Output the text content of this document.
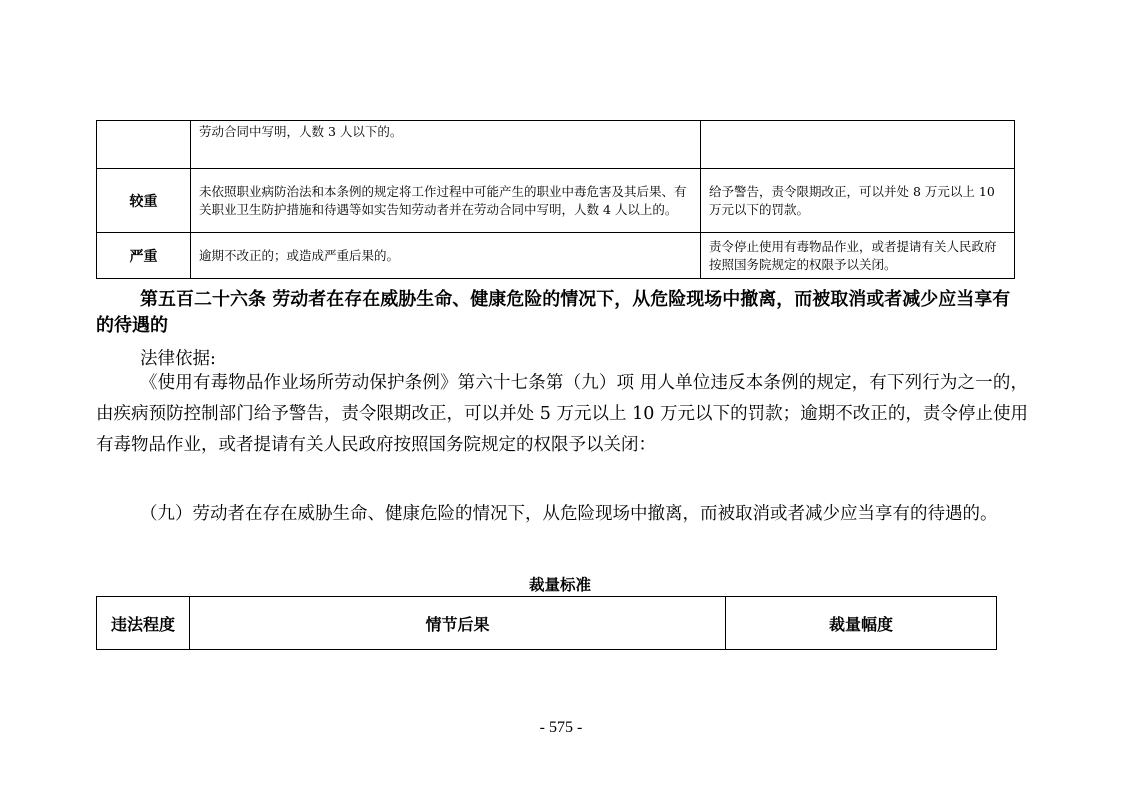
	劳动合同中写明，人数 3 人以下的。	
较重	未依照职业病防治法和本条例的规定将工作过程中可能产生的职业中毒危害及其后果、有关职业卫生防护措施和待遇等如实告知劳动者并在劳动合同中写明，人数 4 人以上的。	给予警告，责令限期改正，可以并处 8 万元以上 10 万元以下的罚款。
严重	逾期不改正的；或造成严重后果的。	责令停止使用有毒物品作业，或者提请有关人民政府按照国务院规定的权限予以关闭。
第五百二十六条 劳动者在存在威胁生命、健康危险的情况下，从危险现场中撤离，而被取消或者减少应当享有的待遇的
法律依据:
《使用有毒物品作业场所劳动保护条例》第六十七条第（九）项 用人单位违反本条例的规定，有下列行为之一的，由疾病预防控制部门给予警告，责令限期改正，可以并处 5 万元以上 10 万元以下的罚款；逾期不改正的，责令停止使用有毒物品作业，或者提请有关人民政府按照国务院规定的权限予以关闭：
（九）劳动者在存在威胁生命、健康危险的情况下，从危险现场中撤离，而被取消或者减少应当享有的待遇的。
裁量标准
违法程度	情节后果	裁量幅度
- 575 -
